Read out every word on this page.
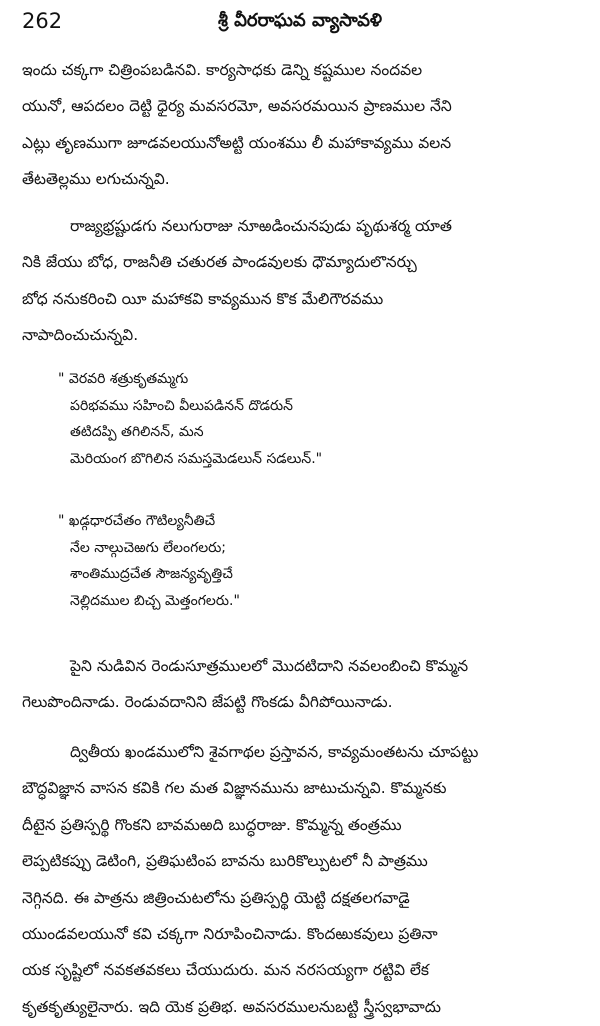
262	శ్రీ వీరరాఘవ వ్యాసావళి
ఇందు చక్కగా చిత్రింపబడినవి. కార్యసాధకు డెన్ని కష్టముల నందవల
యునో, ఆపదలం దెట్టి ధైర్య మవసరమో, అవసరమయిన ప్రాణముల నేని
ఎట్లు తృణముగా జూడవలయునోఅట్టి యంశము లీ మహాకావ్యము వలన
తేటతెల్లము లగుచున్నవి.
రాజ్యభ్రష్టుడగు నలుగురాజు నూఱడించునపుడు పృథుశర్మ యాత
నికి జేయు బోధ, రాజనీతి చతురత పాండవులకు ధౌమ్యాదులొనర్చు
బోధ ననుకరించి యీ మహాకవి కావ్యమున కొక మేలిగౌరవము
నాపాదించుచున్నవి.
" వెరవరి శత్రుకృతమ్మగు
పరిభవము సహించి వీలుపడినన్ దొడరున్
తటిదప్పి తగిలినన్, మన
మెరియంగ బొగిలిన సమస్తమెడలున్ సడలున్."
" ఖడ్గధారచేతం గౌటిల్యనీతిచే
నేల నాల్గుచెఱగు లేలంగలరు;
శాంతిముద్రచేత సౌజన్యవృత్తిచే
నెల్లిదముల బిచ్చ మెత్తంగలరు."
పైని నుడివిన రెండుసూత్రములలో మొదటిదాని నవలంబించి కొమ్మన
గెలుపొందినాడు. రెండువదానిని జేపట్టి గొంకడు వీగిపోయినాడు.
ద్వితీయ ఖండములోని శైవగాథల ప్రస్తావన, కావ్యమంతటను చూపట్టు
బౌద్ధవిజ్ఞాన వాసన కవికి గల మత విజ్ఞానమును జాటుచున్నవి. కొమ్మనకు
దీటైన ప్రతిస్పర్థి గొంకని బావమఱది బుద్ధరాజు. కొమ్మన్న తంత్రము
లెప్పటికప్పు డెటింగి, ప్రతిఘటింప బావను బురికొల్పుటలో నీ పాత్రము
నెగ్గినది. ఈ పాత్రను జిత్రించుటలోను ప్రతిస్పర్థి యెట్టి దక్షతలగవాడై
యుండవలయునో కవి చక్కగా నిరూపించినాడు. కొందఱుకవులు ప్రతినా
యక సృష్టిలో నవకతవకలు చేయుదురు. మన నరసయ్యగా రట్టివి లేక
కృతకృత్యులైనారు. ఇది యెక ప్రతిభ. అవసరములనుబట్టి స్త్రీస్వభావాదు
